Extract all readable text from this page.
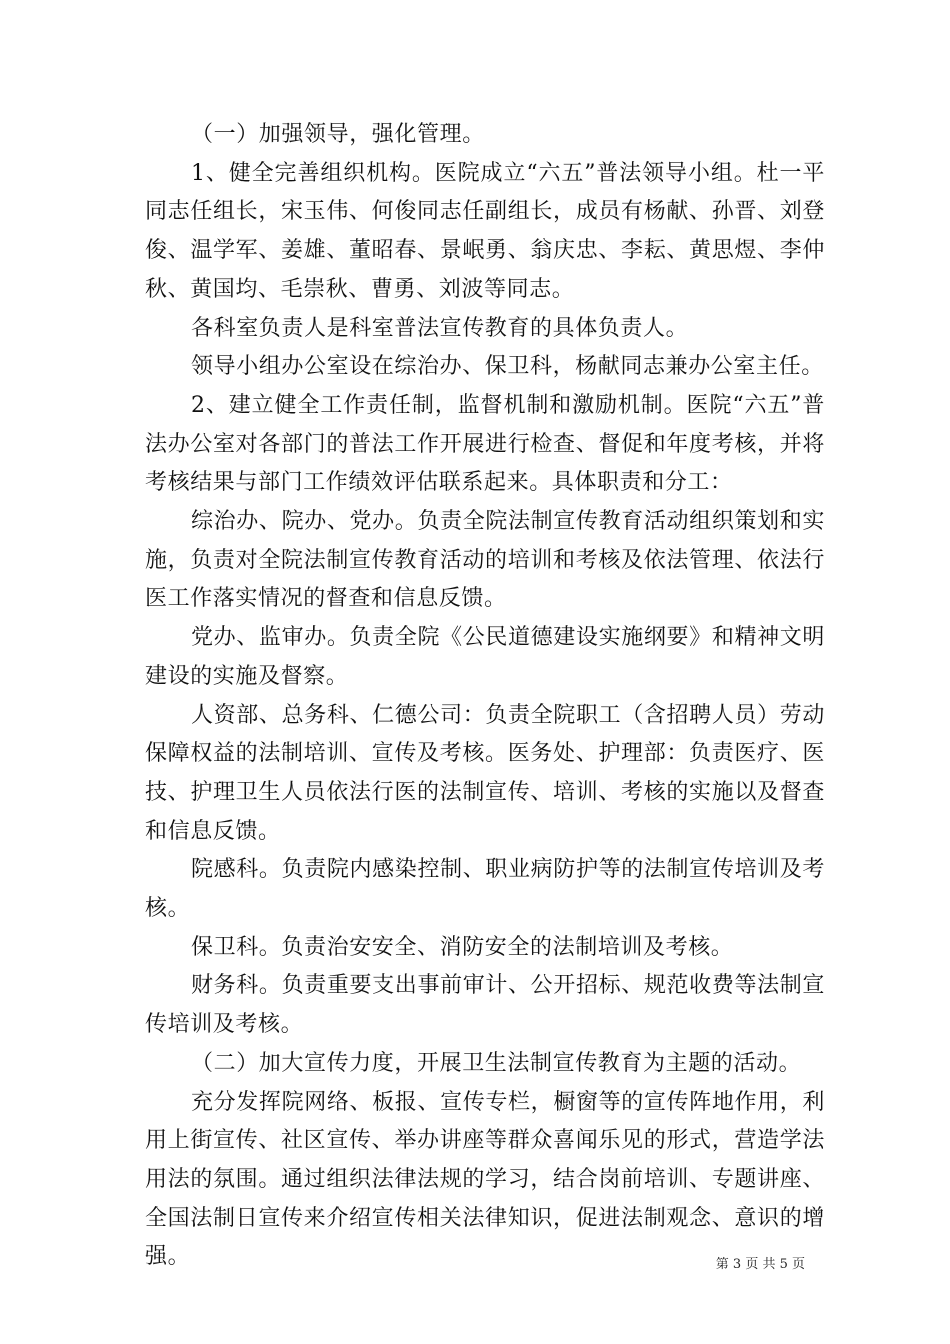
（一）加强领导，强化管理。

1、健全完善组织机构。医院成立“六五”普法领导小组。杜一平同志任组长，宋玉伟、何俊同志任副组长，成员有杨献、孙晋、刘登俊、温学军、姜雄、董昭春、景岷勇、翁庆忠、李耘、黄思煜、李仲秋、黄国均、毛崇秋、曹勇、刘波等同志。

各科室负责人是科室普法宣传教育的具体负责人。

领导小组办公室设在综治办、保卫科，杨献同志兼办公室主任。

2、建立健全工作责任制，监督机制和激励机制。医院“六五”普法办公室对各部门的普法工作开展进行检查、督促和年度考核，并将考核结果与部门工作绩效评估联系起来。具体职责和分工：

综治办、院办、党办。负责全院法制宣传教育活动组织策划和实施，负责对全院法制宣传教育活动的培训和考核及依法管理、依法行医工作落实情况的督查和信息反馈。

党办、监审办。负责全院《公民道德建设实施纲要》和精神文明建设的实施及督察。

人资部、总务科、仁德公司：负责全院职工（含招聘人员）劳动保障权益的法制培训、宣传及考核。医务处、护理部：负责医疗、医技、护理卫生人员依法行医的法制宣传、培训、考核的实施以及督查和信息反馈。

院感科。负责院内感染控制、职业病防护等的法制宣传培训及考核。

保卫科。负责治安安全、消防安全的法制培训及考核。

财务科。负责重要支出事前审计、公开招标、规范收费等法制宣传培训及考核。

（二）加大宣传力度，开展卫生法制宣传教育为主题的活动。

充分发挥院网络、板报、宣传专栏，橱窗等的宣传阵地作用，利用上街宣传、社区宣传、举办讲座等群众喜闻乐见的形式，营造学法用法的氛围。通过组织法律法规的学习，结合岗前培训、专题讲座、全国法制日宣传来介绍宣传相关法律知识，促进法制观念、意识的增强。	第 3 页 共 5 页
